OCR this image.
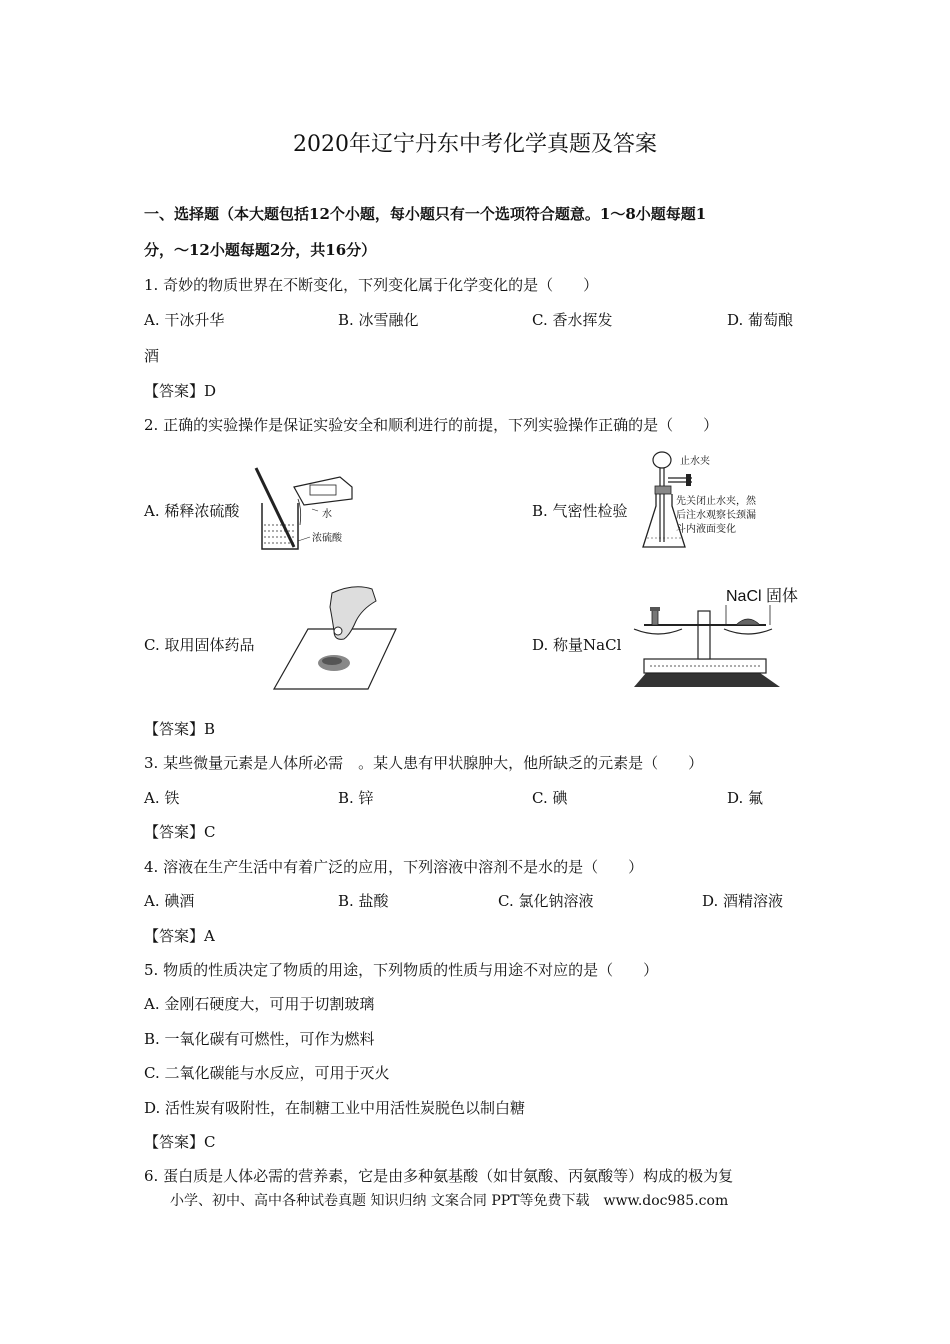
2020年辽宁丹东中考化学真题及答案
一、选择题（本大题包括12个小题，每小题只有一个选项符合题意。1～8小题每题1
分，～12小题每题2分，共16分）
1. 奇妙的物质世界在不断变化，下列变化属于化学变化的是（　　）
A. 干冰升华	B. 冰雪融化	C. 香水挥发	D. 葡萄酿
酒
【答案】D
2. 正确的实验操作是保证实验安全和顺利进行的前提，下列实验操作正确的是（　　）
A. 稀释浓硫酸	B. 气密性检验
水
浓硫酸
止水夹
先关闭止水夹，然
后注水观察长颈漏
斗内液面变化
C. 取用固体药品	D. 称量NaCl
NaCl 固体
【答案】B
3. 某些微量元素是人体所必需　。某人患有甲状腺肿大，他所缺乏的元素是（　　）
A. 铁	B. 锌	C. 碘	D. 氟
【答案】C
4. 溶液在生产生活中有着广泛的应用，下列溶液中溶剂不是水的是（　　）
A. 碘酒	B. 盐酸	C. 氯化钠溶液	D. 酒精溶液
【答案】A
5. 物质的性质决定了物质的用途，下列物质的性质与用途不对应的是（　　）
A. 金刚石硬度大，可用于切割玻璃
B. 一氧化碳有可燃性，可作为燃料
C. 二氧化碳能与水反应，可用于灭火
D. 活性炭有吸附性，在制糖工业中用活性炭脱色以制白糖
【答案】C
6. 蛋白质是人体必需的营养素，它是由多种氨基酸（如甘氨酸、丙氨酸等）构成的极为复
小学、初中、高中各种试卷真题 知识归纳 文案合同 PPT等免费下载　www.doc985.com
